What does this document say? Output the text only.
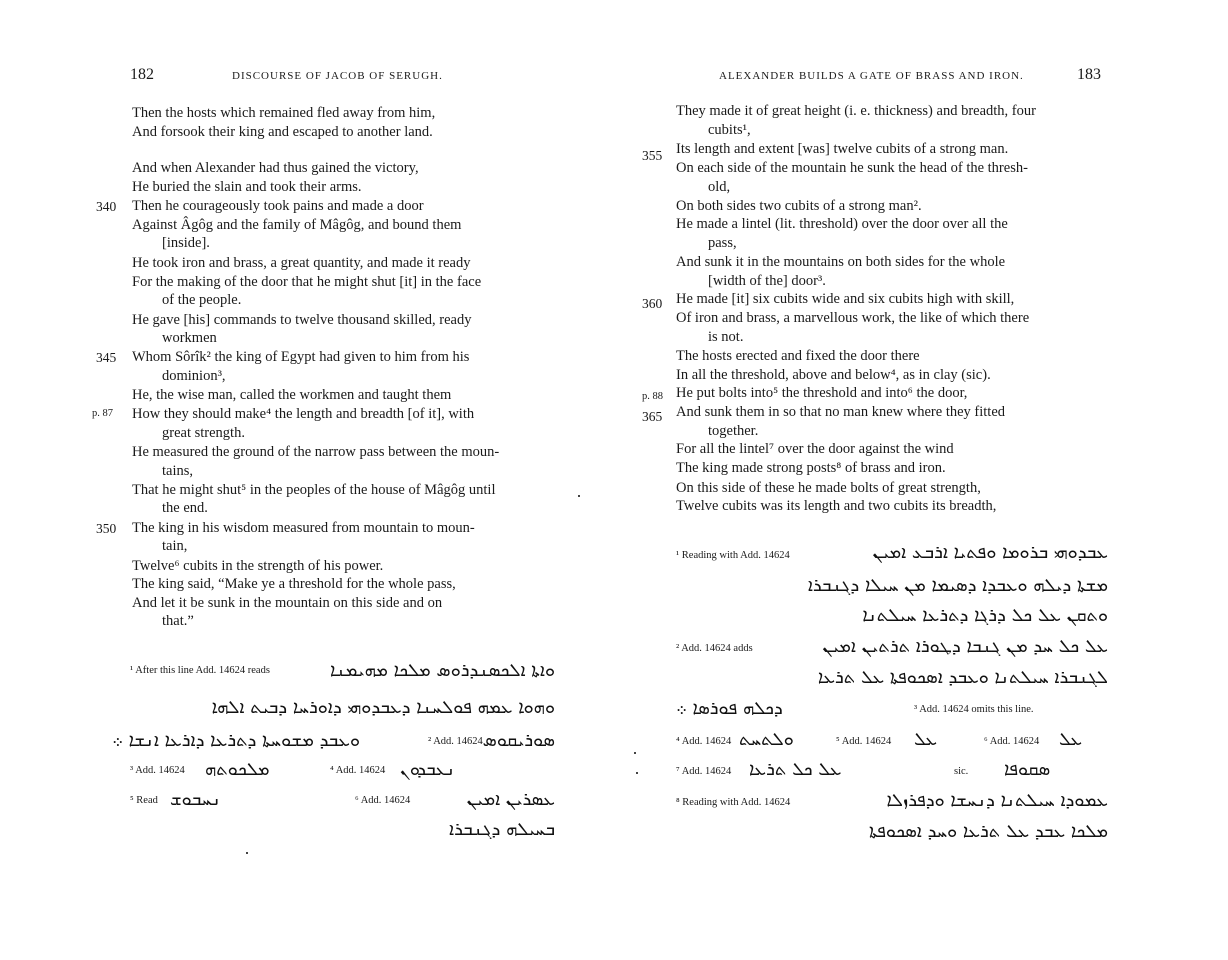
182	DISCOURSE OF JACOB OF SERUGH.
Then the hosts which remained fled away from him,
And forsook their king and escaped to another land.
And when Alexander had thus gained the victory,
He buried the slain and took their arms.
340 Then he courageously took pains and made a door
Against Âgôg and the family of Mâgôg, and bound them
[inside].
He took iron and brass, a great quantity, and made it ready
For the making of the door that he might shut [it] in the face
of the people.
He gave [his] commands to twelve thousand skilled, ready
workmen
345 Whom Sôrîk² the king of Egypt had given to him from his
dominion³,
He, the wise man, called the workmen and taught them
p. 87 How they should make⁴ the length and breadth [of it], with
great strength.
He measured the ground of the narrow pass between the moun-
tains,
That he might shut⁵ in the peoples of the house of Mâgôg until
the end.
350 The king in his wisdom measured from mountain to moun-
tain,
Twelve⁶ cubits in the strength of his power.
The king said, “Make ye a threshold for the whole pass,
And let it be sunk in the mountain on this side and on
that.”
¹ After this line Add. 14624 reads	ܘܐܬܐ ܐܠܟܣܢܕܪܘܣ ܡܠܟܐ ܡܗܝܡܢܐ
ܘܗܘܐ ܥܡܗ ܦܘܠܚܢܐ ܕܥܒܕܘܗܝ ܕܐܘܪܚܐ ܕܒܝܬ ܐܠܗܐ
ܘܥܒܕ ܡܫܘܚܬܐ ܕܬܪܥܐ ܕܐܪܥܐ ܐܢܫܐ ܀	² Add. 14624 ܣܘܪܝܩܘܣ
³ Add. 14624 ܡܠܟܘܬܗ	⁴ Add. 14624 ܢܥܒܕܘܢ
⁵ Read ܢܚܒܘܫ	⁶ Add. 14624	ܥܣܪܝܢ ܐܡܝܢ
ܒܚܝܠܗ ܕܓܢܒܪܐ
ALEXANDER BUILDS A GATE OF BRASS AND IRON.	183
They made it of great height (i. e. thickness) and breadth, four
cubits¹,
355 Its length and extent [was] twelve cubits of a strong man.
On each side of the mountain he sunk the head of the thresh-
old,
On both sides two cubits of a strong man².
He made a lintel (lit. threshold) over the door over all the
pass,
And sunk it in the mountains on both sides for the whole
[width of the] door³.
360 He made [it] six cubits wide and six cubits high with skill,
Of iron and brass, a marvellous work, the like of which there
is not.
The hosts erected and fixed the door there
In all the threshold, above and below⁴, as in clay (sic).
p. 88 He put bolts into⁵ the threshold and into⁶ the door,
365 And sunk them in so that no man knew where they fitted
together.
For all the lintel⁷ over the door against the wind
The king made strong posts⁸ of brass and iron.
On this side of these he made bolts of great strength,
Twelve cubits was its length and two cubits its breadth,
¹ Reading with Add. 14624	ܥܒܕܘܗܝ ܒܪܘܡܐ ܘܦܬܝܐ ܐܪܒܥ ܐܡܝܢ
ܡܫܬܐ ܕܝܠܗ ܘܥܒܕܐ ܕܣܝܡܐ ܡܢ ܚܝܠܐ ܕܓܢܒܪܐ
ܘܬܩܢ ܥܠ ܟܠ ܕܪܓܐ ܕܬܪܥܐ ܚܝܠܬܢܐ
² Add. 14624 adds	ܥܠ ܟܠ ܚܕ ܡܢ ܓܢܒܐ ܕܛܘܪܐ ܬܪܬܝܢ ܐܡܝܢ
ܠܓܢܒܪܐ ܚܝܠܬܢܐ ܘܥܒܕ ܐܣܟܘܦܬܐ ܥܠ ܬܪܥܐ
ܕܟܠܗ ܦܘܪܣܐ ܀	³ Add. 14624 omits this line.
⁴ Add. 14624 ܘܠܬܚܬ	⁵ Add. 14624 ܥܠ	⁶ Add. 14624 ܥܠ
⁷ Add. 14624 ܥܠ ܟܠ ܬܪܥܐ	sic. ܣܩܘܦܐ
⁸ Reading with Add. 14624	ܥܡܘܕܐ ܚܝܠܬܢܐ ܕܢܚܫܐ ܘܕܦܪܙܠܐ
ܡܠܟܐ ܥܒܕ ܥܠ ܬܪܥܐ ܘܚܕ ܐܣܟܘܦܬܐ
